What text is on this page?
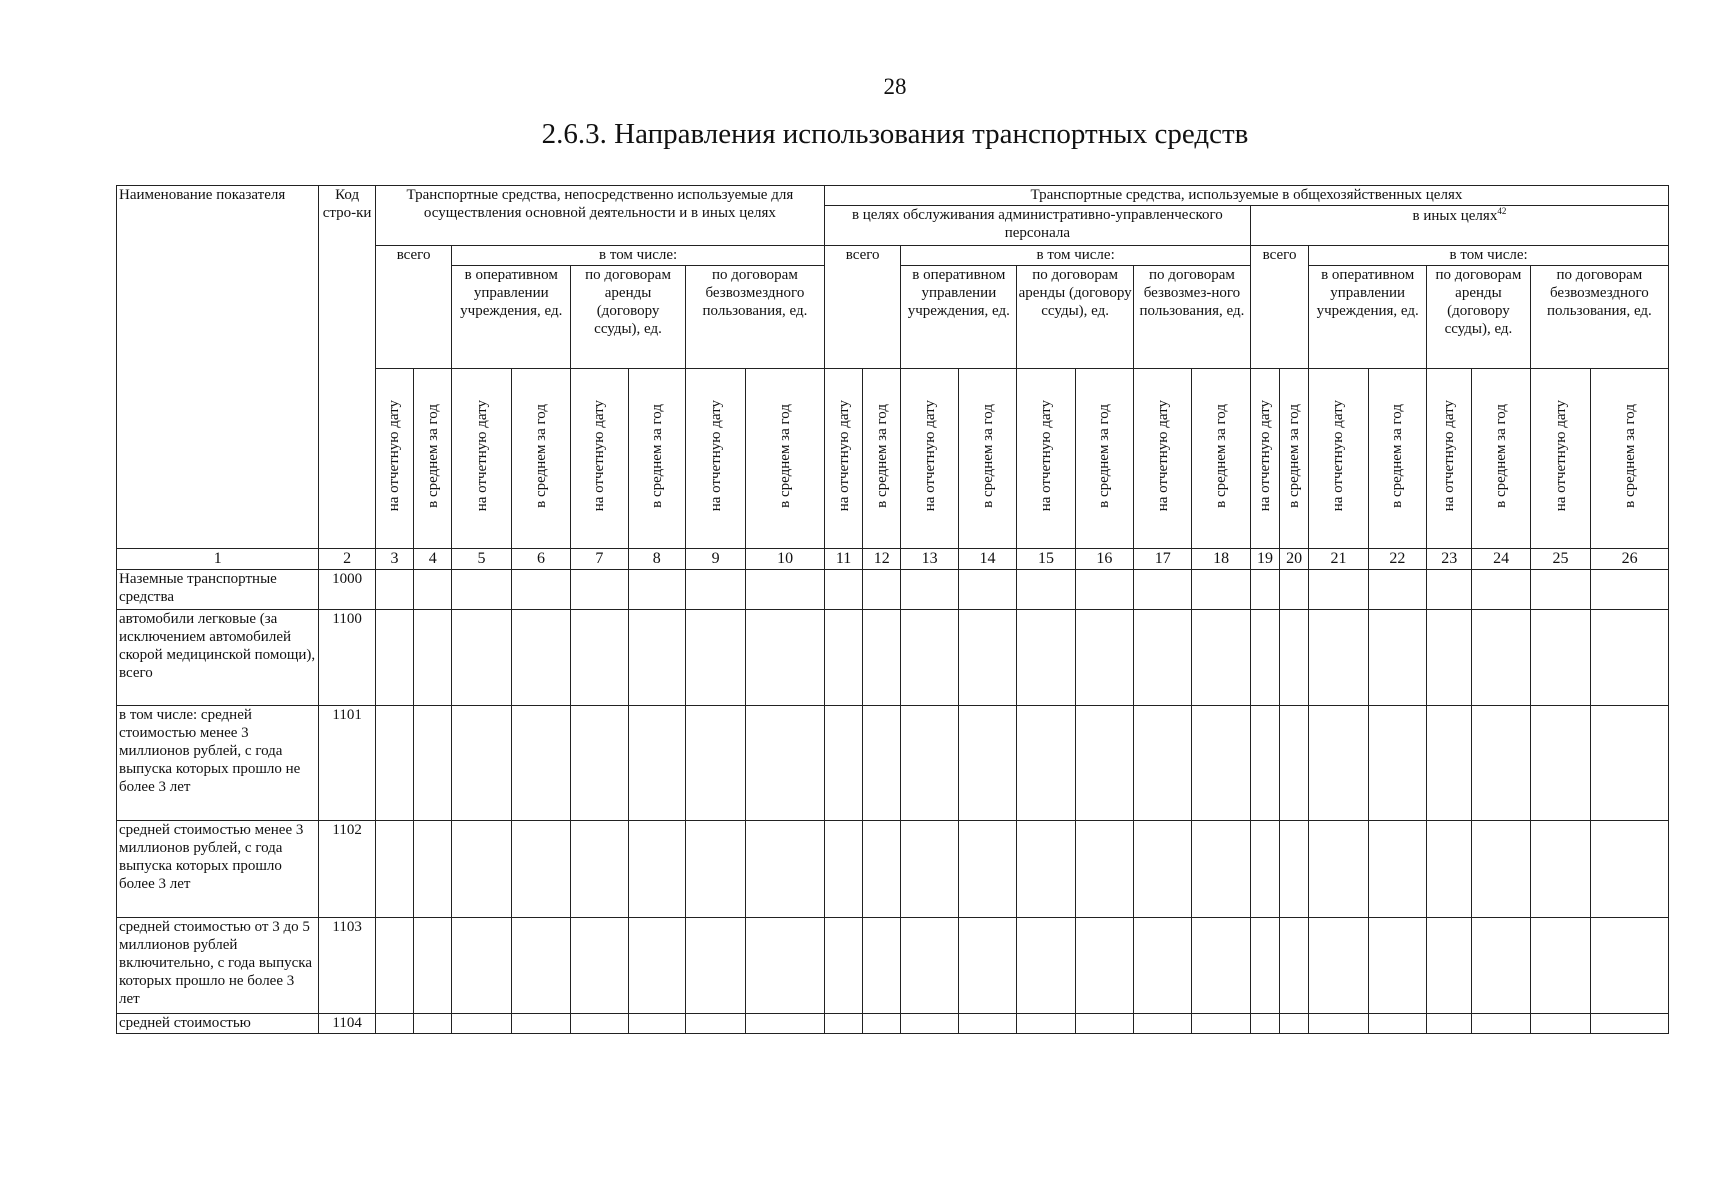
28
2.6.3. Направления использования транспортных средств
Наименование показателя	Код стро-ки	Транспортные средства, непосредственно используемые для осуществления основной деятельности и в иных целях								Транспортные средства, используемые в общехозяйственных целях															
										в целях обслуживания административно-управленческого персонала								в иных целях$^{42}$
		всего		в том числе:						всего		в том числе:						всего		в том числе:					
				в оперативном управлении учреждения, ед.		по договорам аренды (договору ссуды), ед.		по договорам безвозмездного пользования, ед.				в оперативном управлении учреждения, ед.		по договорам аренды (договору ссуды), ед.		по договорам безвозмез-ного пользования, ед.				в оперативном управлении учреждения, ед.		по договорам аренды (договору ссуды), ед.		по договорам безвозмездного пользования, ед.	
		на отчетную дату	в среднем за год	на отчетную дату	в среднем за год	на отчетную дату	в среднем за год	на отчетную дату	в среднем за год	на отчетную дату	в среднем за год	на отчетную дату	в среднем за год	на отчетную дату	в среднем за год	на отчетную дату	в среднем за год	на отчетную дату	в среднем за год	на отчетную дату	в среднем за год	на отчетную дату	в среднем за год	на отчетную дату	в среднем за год
1	2	3	4	5	6	7	8	9	10	11	12	13	14	15	16	17	18	19	20	21	22	23	24	25	26
Наземные транспортные средства	1000																								
автомобили легковые (за исключением автомобилей скорой медицинской помощи), всего	1100																								
в том числе: средней стоимостью менее 3 миллионов рублей, с года выпуска которых прошло не более 3 лет	1101																								
средней стоимостью менее 3 миллионов рублей, с года выпуска которых прошло более 3 лет	1102																								
средней стоимостью от 3 до 5 миллионов рублей включительно, с года выпуска которых прошло не более 3 лет	1103																								
средней стоимостью	1104																								
